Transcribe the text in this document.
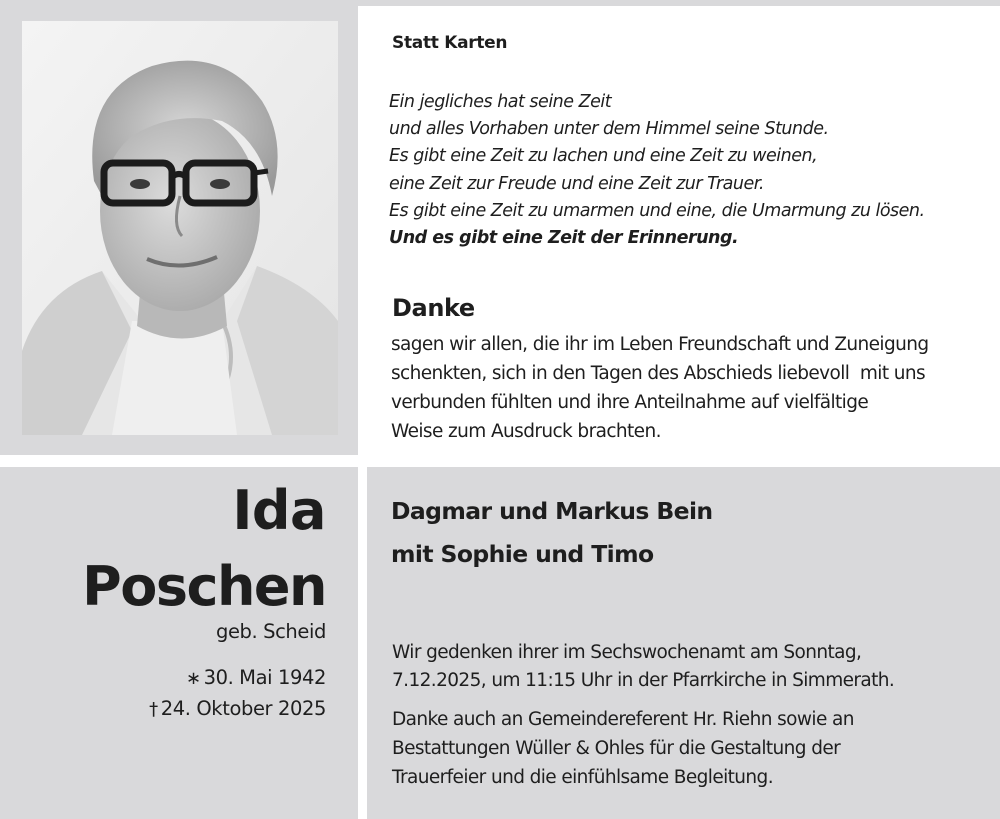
Statt Karten
Ein jegliches hat seine Zeit
und alles Vorhaben unter dem Himmel seine Stunde.
Es gibt eine Zeit zu lachen und eine Zeit zu weinen,
eine Zeit zur Freude und eine Zeit zur Trauer.
Es gibt eine Zeit zu umarmen und eine, die Umarmung zu lösen.
Und es gibt eine Zeit der Erinnerung.
Danke
sagen wir allen, die ihr im Leben Freundschaft und Zuneigung
schenkten, sich in den Tagen des Abschieds liebevoll  mit uns
verbunden fühlten und ihre Anteilnahme auf vielfältige
Weise zum Ausdruck brachten.
Ida
Poschen
geb. Scheid
∗ 30. Mai 1942
† 24. Oktober 2025
Dagmar und Markus Bein
mit Sophie und Timo
Wir gedenken ihrer im Sechswochenamt am Sonntag,
7.12.2025, um 11:15 Uhr in der Pfarrkirche in Simmerath.
Danke auch an Gemeindereferent Hr. Riehn sowie an
Bestattungen Wüller & Ohles für die Gestaltung der
Trauerfeier und die einfühlsame Begleitung.
